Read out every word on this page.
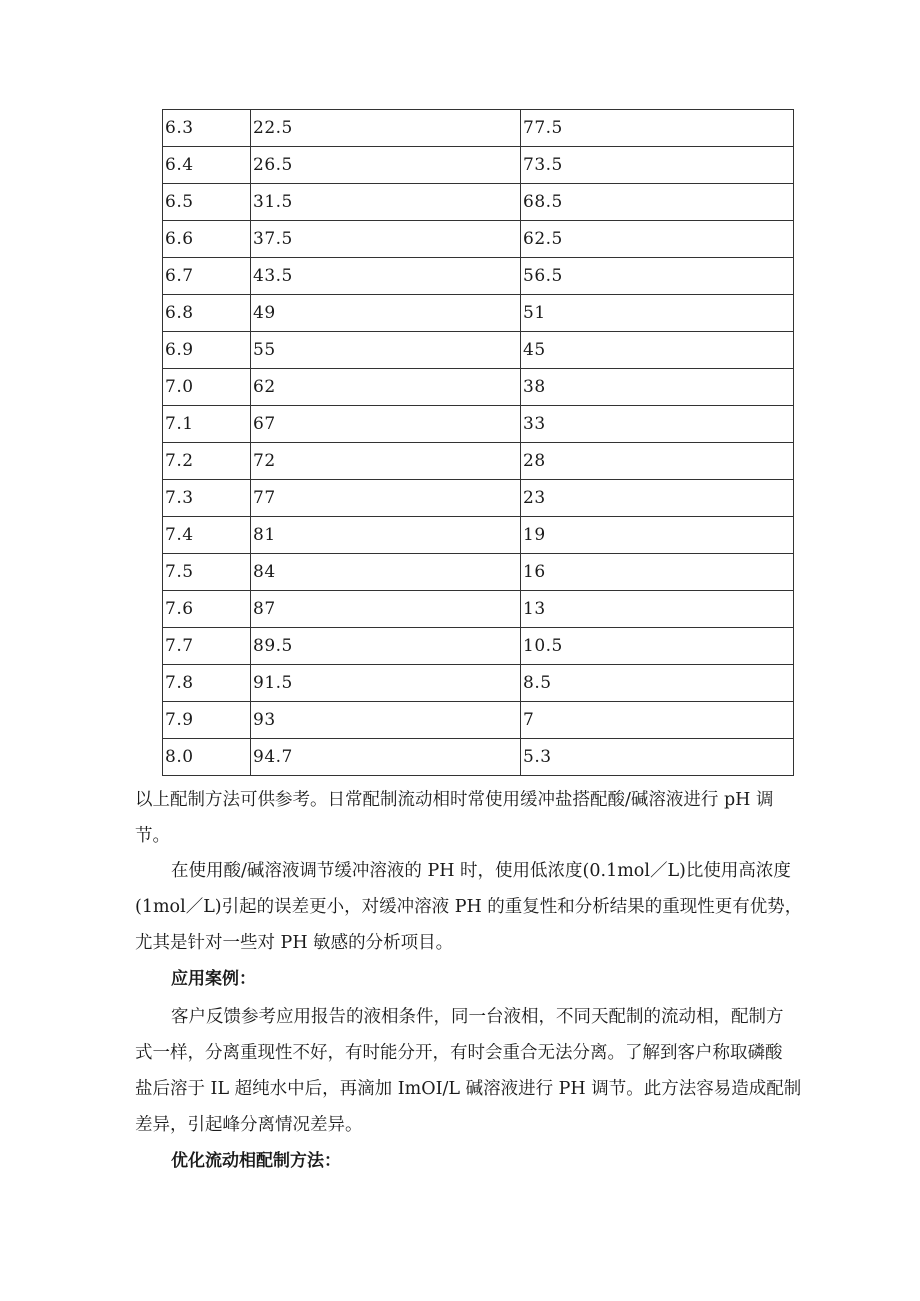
6.3	22.5	77.5
6.4	26.5	73.5
6.5	31.5	68.5
6.6	37.5	62.5
6.7	43.5	56.5
6.8	49	51
6.9	55	45
7.0	62	38
7.1	67	33
7.2	72	28
7.3	77	23
7.4	81	19
7.5	84	16
7.6	87	13
7.7	89.5	10.5
7.8	91.5	8.5
7.9	93	7
8.0	94.7	5.3
以上配制方法可供参考。日常配制流动相时常使用缓冲盐搭配酸/碱溶液进行 pH 调
节。
在使用酸/碱溶液调节缓冲溶液的 PH 时，使用低浓度(0.1mol／L)比使用高浓度
(1mol／L)引起的误差更小，对缓冲溶液 PH 的重复性和分析结果的重现性更有优势，
尤其是针对一些对 PH 敏感的分析项目。
应用案例：
客户反馈参考应用报告的液相条件，同一台液相，不同天配制的流动相，配制方
式一样，分离重现性不好，有时能分开，有时会重合无法分离。了解到客户称取磷酸
盐后溶于 IL 超纯水中后，再滴加 ImOI/L 碱溶液进行 PH 调节。此方法容易造成配制
差异，引起峰分离情况差异。
优化流动相配制方法：
